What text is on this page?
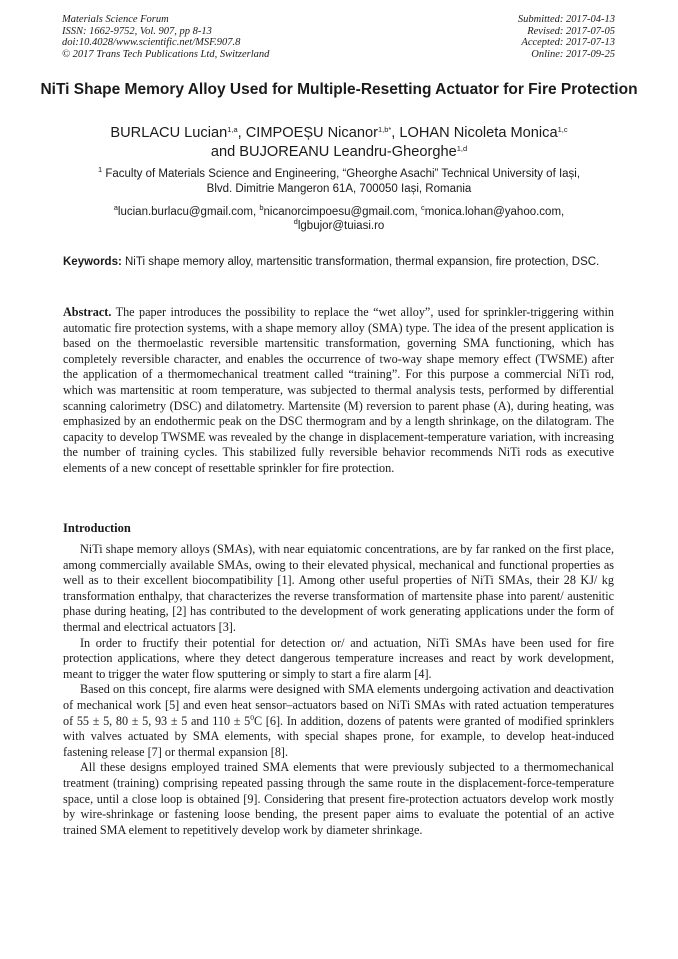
Materials Science Forum
ISSN: 1662-9752, Vol. 907, pp 8-13
doi:10.4028/www.scientific.net/MSF.907.8
© 2017 Trans Tech Publications Ltd, Switzerland
Submitted: 2017-04-13
Revised: 2017-07-05
Accepted: 2017-07-13
Online: 2017-09-25
NiTi Shape Memory Alloy Used for Multiple-Resetting Actuator for Fire Protection
BURLACU Lucian$^{1,a}$, CIMPOEȘU Nicanor$^{1,b*}$, LOHAN Nicoleta Monica$^{1,c}$
and BUJOREANU Leandru-Gheorghe$^{1,d}$
$^1$ Faculty of Materials Science and Engineering, “Gheorghe Asachi” Technical University of Iași,
Blvd. Dimitrie Mangeron 61A, 700050 Iași, Romania
$^a$lucian.burlacu@gmail.com, $^b$nicanorcimpoesu@gmail.com, $^c$monica.lohan@yahoo.com,
$^d$lgbujor@tuiasi.ro
Keywords: NiTi shape memory alloy, martensitic transformation, thermal expansion, fire protection, DSC.
Abstract. The paper introduces the possibility to replace the “wet alloy”, used for sprinkler-triggering within automatic fire protection systems, with a shape memory alloy (SMA) type. The idea of the present application is based on the thermoelastic reversible martensitic transformation, governing SMA functioning, which has completely reversible character, and enables the occurrence of two-way shape memory effect (TWSME) after the application of a thermomechanical treatment called “training”. For this purpose a commercial NiTi rod, which was martensitic at room temperature, was subjected to thermal analysis tests, performed by differential scanning calorimetry (DSC) and dilatometry. Martensite (M) reversion to parent phase (A), during heating, was emphasized by an endothermic peak on the DSC thermogram and by a length shrinkage, on the dilatogram. The capacity to develop TWSME was revealed by the change in displacement-temperature variation, with increasing the number of training cycles. This stabilized fully reversible behavior recommends NiTi rods as executive elements of a new concept of resettable sprinkler for fire protection.
Introduction

NiTi shape memory alloys (SMAs), with near equiatomic concentrations, are by far ranked on the first place, among commercially available SMAs, owing to their elevated physical, mechanical and functional properties as well as to their excellent biocompatibility [1]. Among other useful properties of NiTi SMAs, their 28 KJ/ kg transformation enthalpy, that characterizes the reverse transformation of martensite phase into parent/ austenitic phase during heating, [2] has contributed to the development of work generating applications under the form of thermal and electrical actuators [3].

In order to fructify their potential for detection or/ and actuation, NiTi SMAs have been used for fire protection applications, where they detect dangerous temperature increases and react by work development, meant to trigger the water flow sputtering or simply to start a fire alarm [4].

Based on this concept, fire alarms were designed with SMA elements undergoing activation and deactivation of mechanical work [5] and even heat sensor–actuators based on NiTi SMAs with rated actuation temperatures of 55 ± 5, 80 ± 5, 93 ± 5 and $110 \pm 5^0C$ [6]. In addition, dozens of patents were granted of modified sprinklers with valves actuated by SMA elements, with special shapes prone, for example, to develop heat-induced fastening release [7] or thermal expansion [8].

All these designs employed trained SMA elements that were previously subjected to a thermomechanical treatment (training) comprising repeated passing through the same route in the displacement-force-temperature space, until a close loop is obtained [9]. Considering that present fire-protection actuators develop work mostly by wire-shrinkage or fastening loose bending, the present paper aims to evaluate the potential of an active trained SMA element to repetitively develop work by diameter shrinkage.
